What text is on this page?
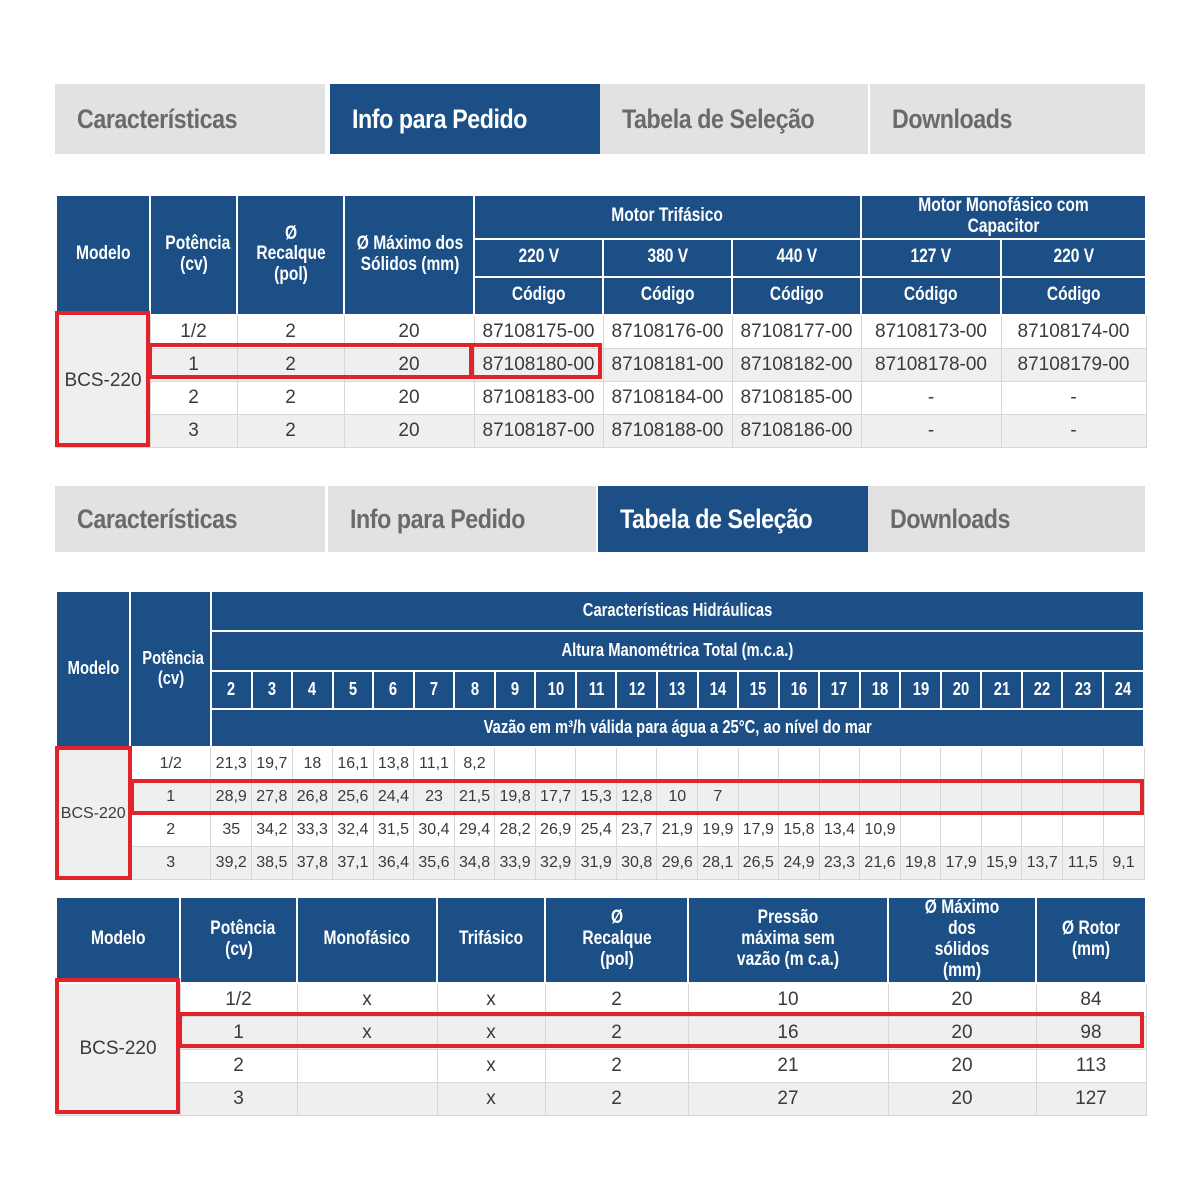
Características	Info para Pedido	Tabela de Seleção	Downloads
Modelo	Potência (cv)	Ø Recalque (pol)	Ø Máximo dos Sólidos (mm)	Motor Trifásico			Motor Monofásico com Capacitor	
				220 V	380 V	440 V	127 V	220 V
				Código	Código	Código	Código	Código
BCS-220	1/2	2	20	87108175-00	87108176-00	87108177-00	87108173-00	87108174-00
	1	2	20	87108180-00	87108181-00	87108182-00	87108178-00	87108179-00
	2	2	20	87108183-00	87108184-00	87108185-00	-	-
	3	2	20	87108187-00	87108188-00	87108186-00	-	-
Características	Info para Pedido	Tabela de Seleção	Downloads
Modelo	Potência (cv)	Características Hidráulicas																						
		Altura Manométrica Total (m.c.a.)																						
		2	3	4	5	6	7	8	9	10	11	12	13	14	15	16	17	18	19	20	21	22	23	24
		Vazão em m³/h válida para água a 25°C, ao nível do mar																						
BCS-220	1/2	21,3	19,7	18	16,1	13,8	11,1	8,2																
	1	28,9	27,8	26,8	25,6	24,4	23	21,5	19,8	17,7	15,3	12,8	10	7										
	2	35	34,2	33,3	32,4	31,5	30,4	29,4	28,2	26,9	25,4	23,7	21,9	19,9	17,9	15,8	13,4	10,9						
	3	39,2	38,5	37,8	37,1	36,4	35,6	34,8	33,9	32,9	31,9	30,8	29,6	28,1	26,5	24,9	23,3	21,6	19,8	17,9	15,9	13,7	11,5	9,1
Modelo	Potência (cv)	Monofásico	Trifásico	Ø Recalque (pol)	Pressão máxima sem vazão (m c.a.)	Ø Máximo dos sólidos (mm)	Ø Rotor (mm)
BCS-220	1/2	x	x	2	10	20	84
	1	x	x	2	16	20	98
	2		x	2	21	20	113
	3		x	2	27	20	127
